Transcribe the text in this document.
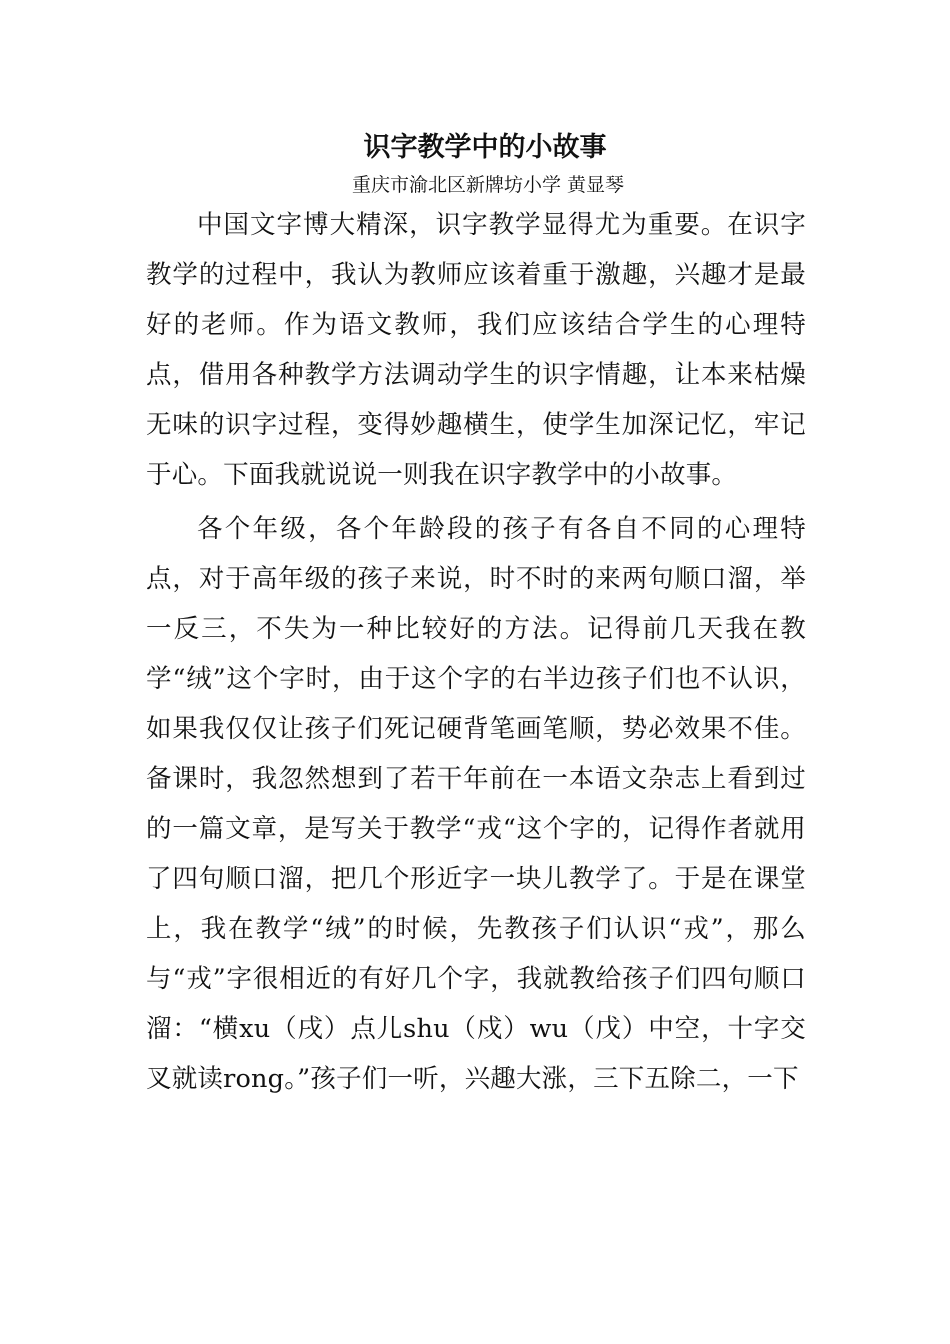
识字教学中的小故事

重庆市渝北区新牌坊小学 黄显琴

中国文字博大精深，识字教学显得尤为重要。在识字教学的过程中，我认为教师应该着重于激趣，兴趣才是最好的老师。作为语文教师，我们应该结合学生的心理特点，借用各种教学方法调动学生的识字情趣，让本来枯燥无味的识字过程，变得妙趣横生，使学生加深记忆，牢记于心。下面我就说说一则我在识字教学中的小故事。

各个年级，各个年龄段的孩子有各自不同的心理特点，对于高年级的孩子来说，时不时的来两句顺口溜，举一反三，不失为一种比较好的方法。记得前几天我在教学“绒”这个字时，由于这个字的右半边孩子们也不认识，如果我仅仅让孩子们死记硬背笔画笔顺，势必效果不佳。备课时，我忽然想到了若干年前在一本语文杂志上看到过的一篇文章，是写关于教学“戎“这个字的，记得作者就用了四句顺口溜，把几个形近字一块儿教学了。于是在课堂上，我在教学“绒”的时候，先教孩子们认识“戎”，那么与“戎”字很相近的有好几个字，我就教给孩子们四句顺口溜：“横xu（戌）点儿shu（戍）wu（戊）中空，十字交叉就读rong。”孩子们一听，兴趣大涨，三下五除二，一下
